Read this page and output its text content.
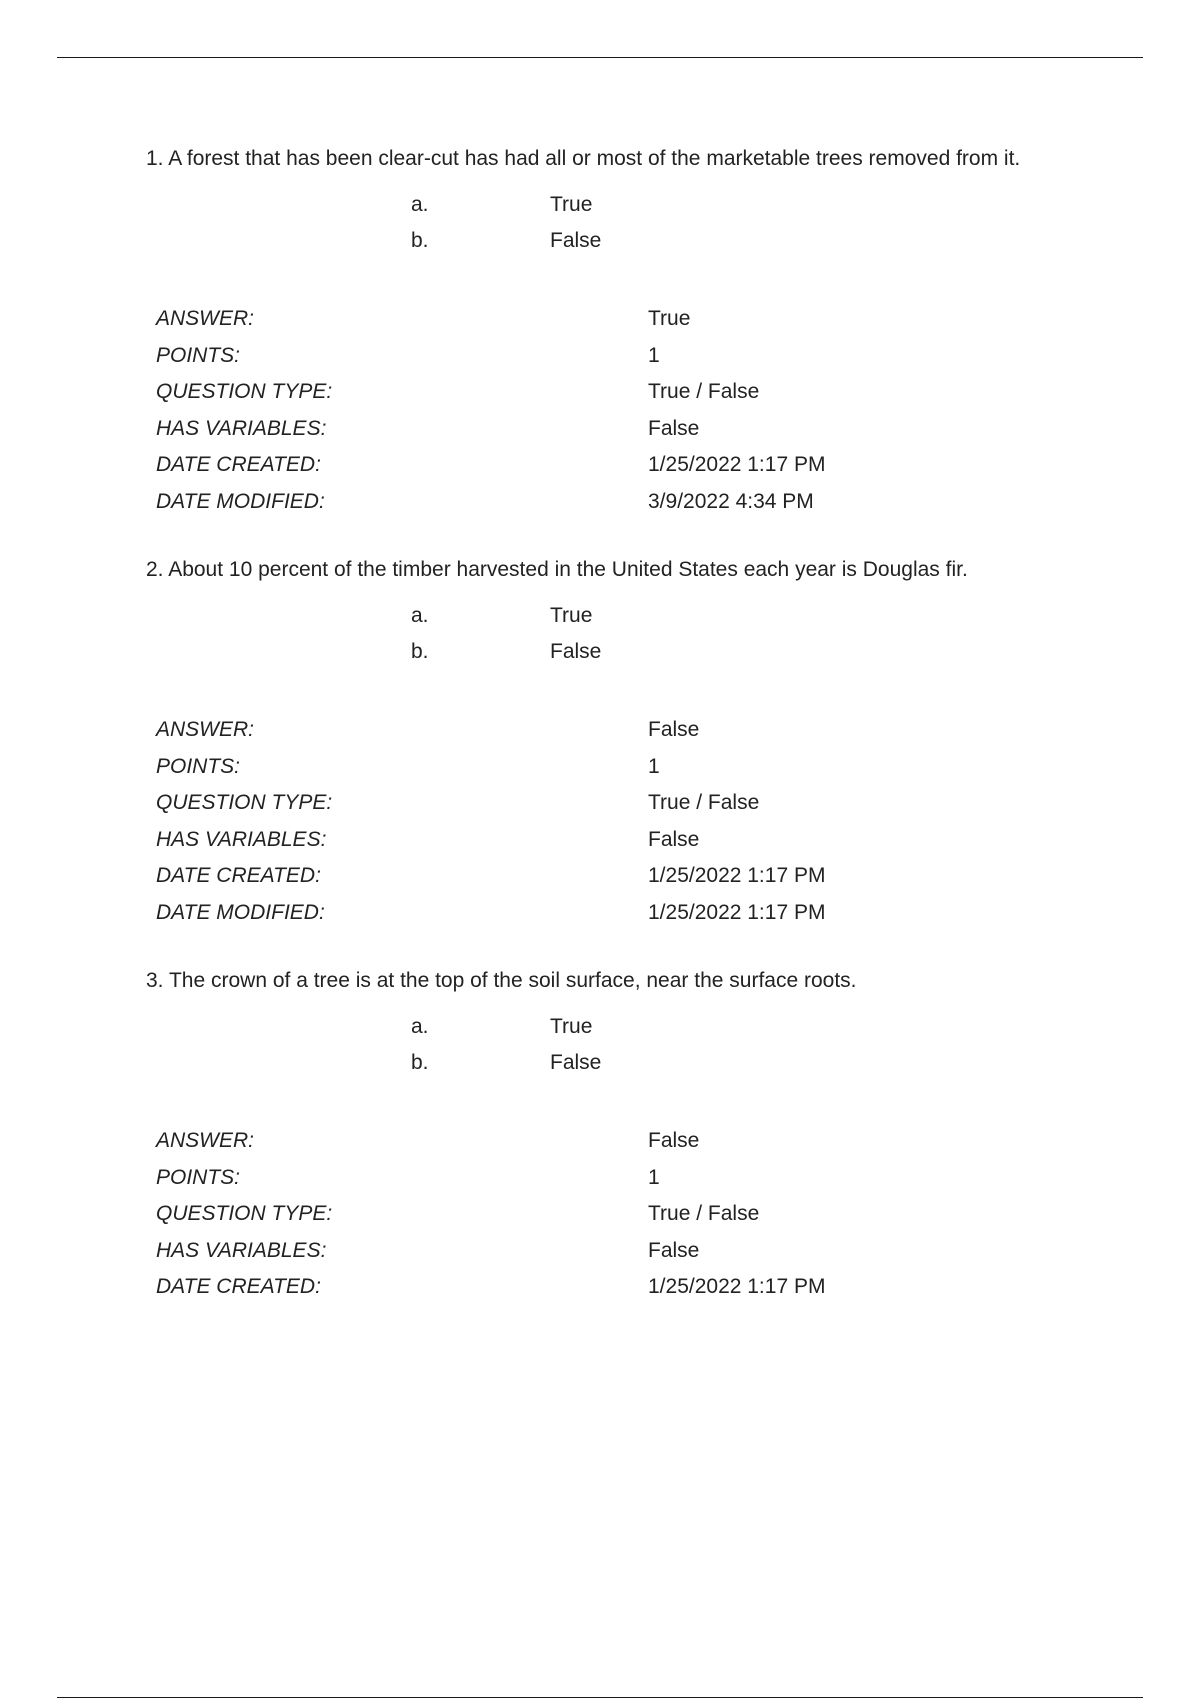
1. A forest that has been clear-cut has had all or most of the marketable trees removed from it.

a.	True
b.	False
ANSWER:	True
POINTS:	1
QUESTION TYPE:	True / False
HAS VARIABLES:	False
DATE CREATED:	1/25/2022 1:17 PM
DATE MODIFIED:	3/9/2022 4:34 PM

2. About 10 percent of the timber harvested in the United States each year is Douglas fir.

a.	True
b.	False
ANSWER:	False
POINTS:	1
QUESTION TYPE:	True / False
HAS VARIABLES:	False
DATE CREATED:	1/25/2022 1:17 PM
DATE MODIFIED:	1/25/2022 1:17 PM

3. The crown of a tree is at the top of the soil surface, near the surface roots.

a.	True
b.	False
ANSWER:	False
POINTS:	1
QUESTION TYPE:	True / False
HAS VARIABLES:	False
DATE CREATED:	1/25/2022 1:17 PM
